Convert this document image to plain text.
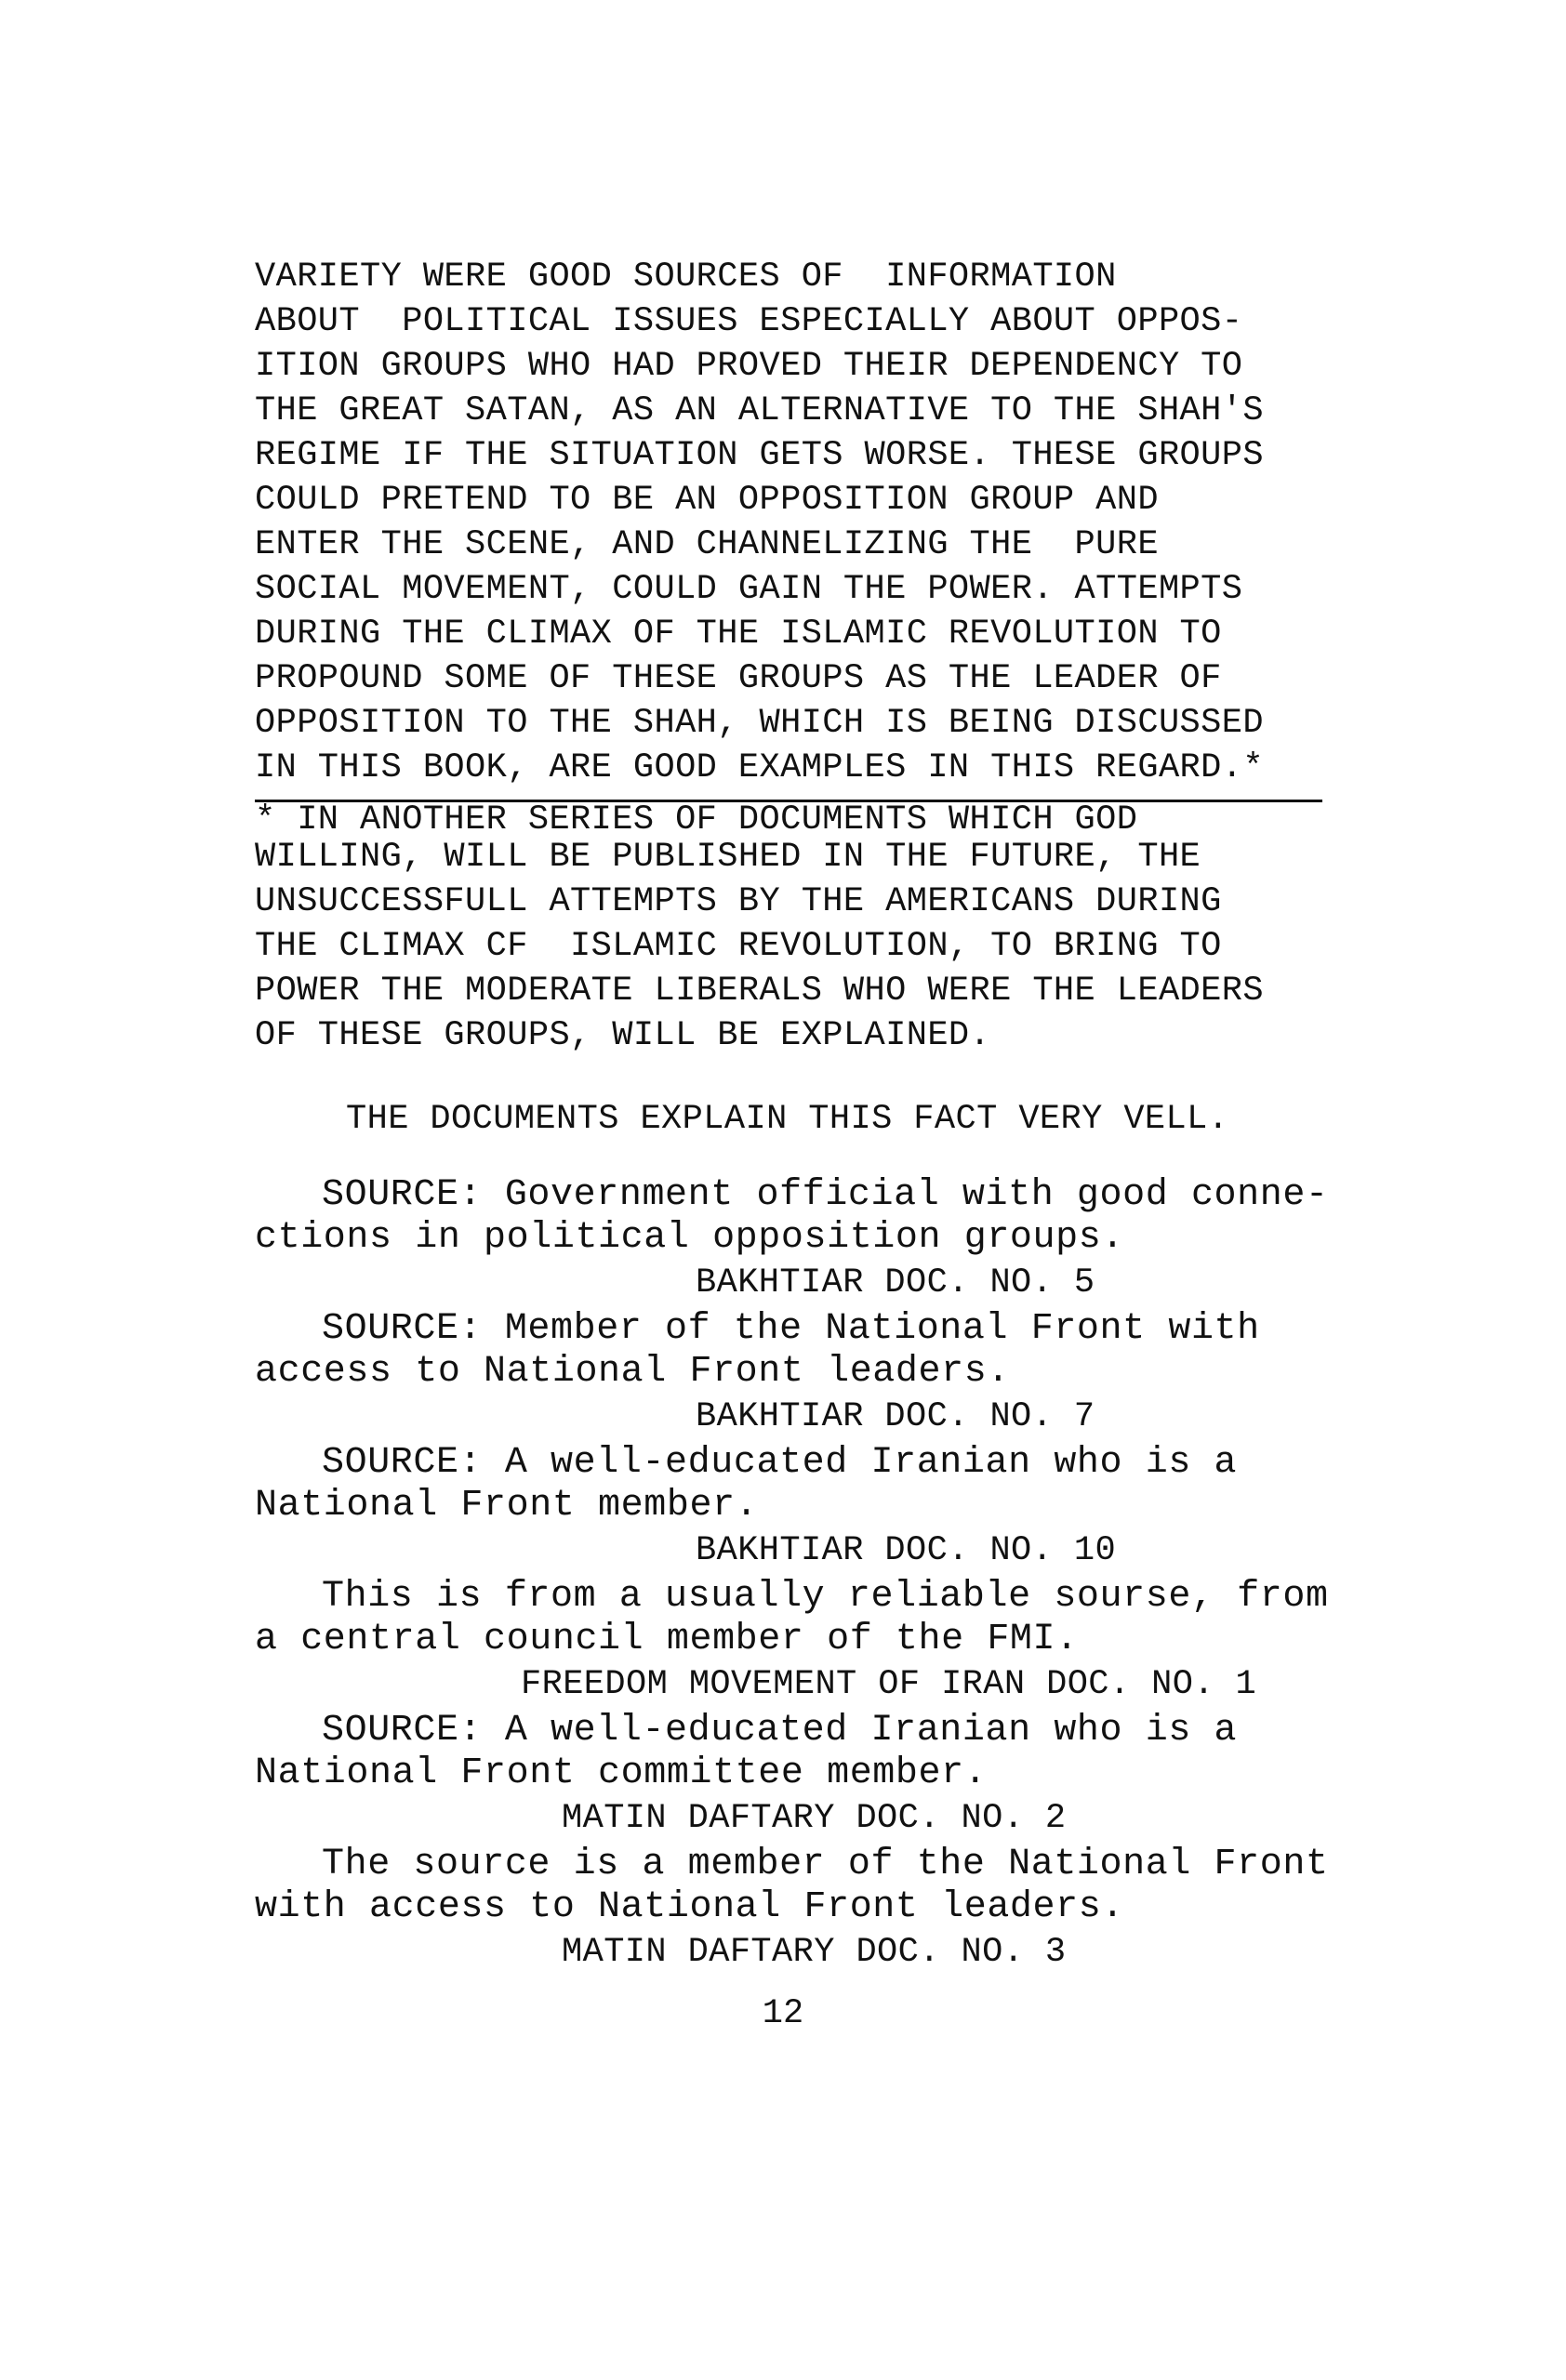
VARIETY WERE GOOD SOURCES OF  INFORMATION
ABOUT  POLITICAL ISSUES ESPECIALLY ABOUT OPPOS-
ITION GROUPS WHO HAD PROVED THEIR DEPENDENCY TO
THE GREAT SATAN, AS AN ALTERNATIVE TO THE SHAH'S
REGIME IF THE SITUATION GETS WORSE. THESE GROUPS
COULD PRETEND TO BE AN OPPOSITION GROUP AND
ENTER THE SCENE, AND CHANNELIZING THE  PURE
SOCIAL MOVEMENT, COULD GAIN THE POWER. ATTEMPTS
DURING THE CLIMAX OF THE ISLAMIC REVOLUTION TO
PROPOUND SOME OF THESE GROUPS AS THE LEADER OF
OPPOSITION TO THE SHAH, WHICH IS BEING DISCUSSED
IN THIS BOOK, ARE GOOD EXAMPLES IN THIS REGARD.*
* IN ANOTHER SERIES OF DOCUMENTS WHICH GOD
WILLING, WILL BE PUBLISHED IN THE FUTURE, THE
UNSUCCESSFULL ATTEMPTS BY THE AMERICANS DURING
THE CLIMAX CF  ISLAMIC REVOLUTION, TO BRING TO
POWER THE MODERATE LIBERALS WHO WERE THE LEADERS
OF THESE GROUPS, WILL BE EXPLAINED.
THE DOCUMENTS EXPLAIN THIS FACT VERY VELL.
SOURCE: Government official with good conne-
ctions in political opposition groups.
BAKHTIAR DOC. NO. 5
SOURCE: Member of the National Front with
access to National Front leaders.
BAKHTIAR DOC. NO. 7
SOURCE: A well-educated Iranian who is a
National Front member.
BAKHTIAR DOC. NO. 10
This is from a usually reliable sourse, from
a central council member of the FMI.
FREEDOM MOVEMENT OF IRAN DOC. NO. 1
SOURCE: A well-educated Iranian who is a
National Front committee member.
MATIN DAFTARY DOC. NO. 2
The source is a member of the National Front
with access to National Front leaders.
MATIN DAFTARY DOC. NO. 3
12
